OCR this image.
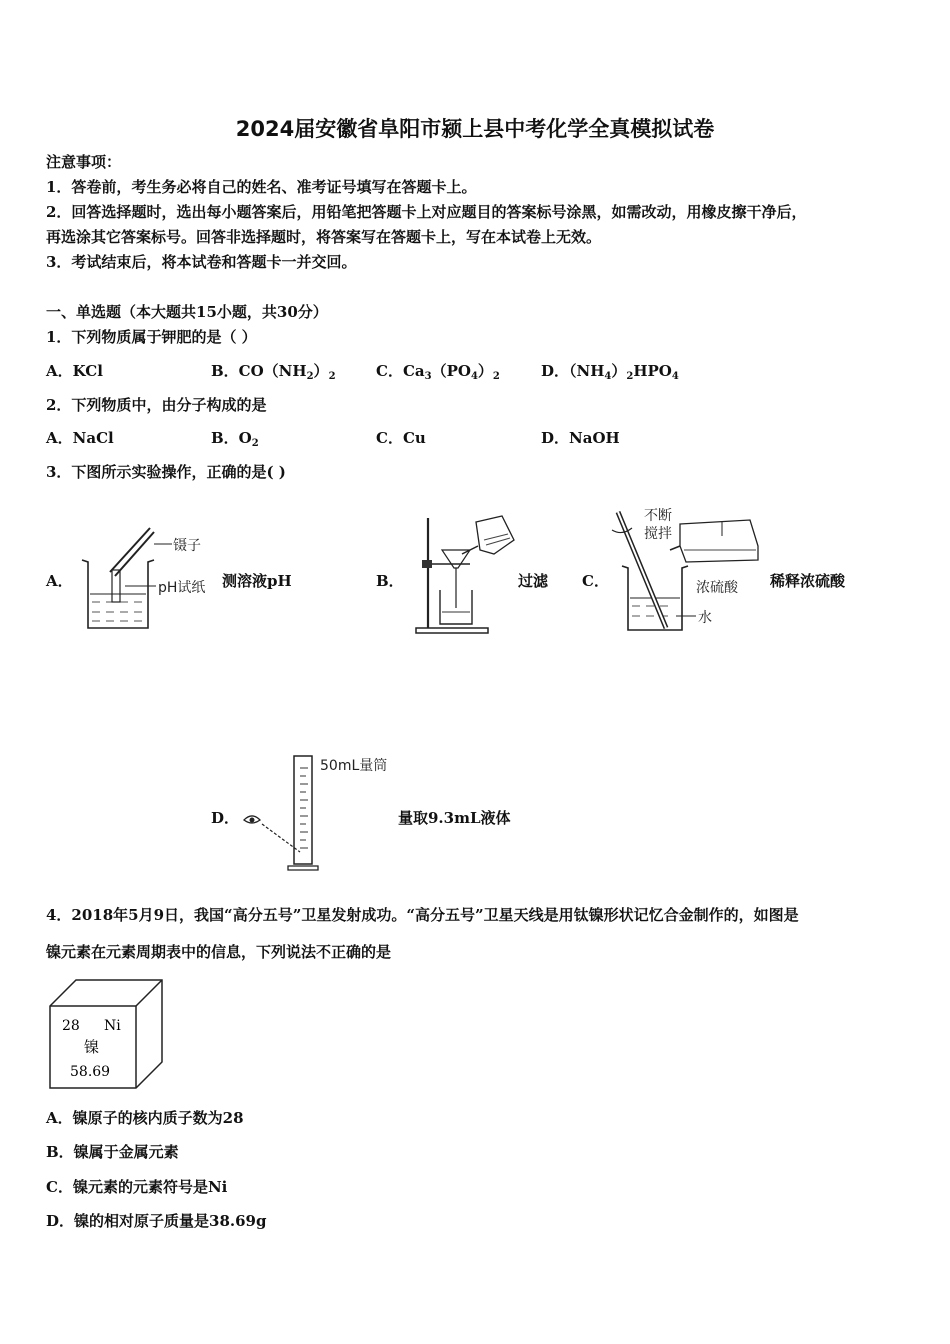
2024届安徽省阜阳市颍上县中考化学全真模拟试卷
注意事项：
1．答卷前，考生务必将自己的姓名、准考证号填写在答题卡上。
2．回答选择题时，选出每小题答案后，用铅笔把答题卡上对应题目的答案标号涂黑，如需改动，用橡皮擦干净后，
再选涂其它答案标号。回答非选择题时，将答案写在答题卡上，写在本试卷上无效。
3．考试结束后，将本试卷和答题卡一并交回。
一、单选题（本大题共15小题，共30分）
1．下列物质属于钾肥的是（ ）
A．KCl	B．$CO(NH_2)_2$	C．$Ca_3(PO_4)_2$	D．$(NH_4)_2HPO_4$
2．下列物质中，由分子构成的是
A．NaCl	B．$O_2$	C．Cu	D．NaOH
3．下图所示实验操作，正确的是( )
A．
镊子
pH试纸 测溶液pH	B．	过滤 C．
不断
搅拌
浓硫酸
水
稀释浓硫酸
D．
50mL量筒
量取9.3mL液体
4．2018年5月9日，我国“高分五号”卫星发射成功。“高分五号”卫星天线是用钛镍形状记忆合金制作的，如图是
镍元素在元素周期表中的信息，下列说法不正确的是
28 Ni
镍
58.69
A．镍原子的核内质子数为28
B．镍属于金属元素
C．镍元素的元素符号是Ni
D．镍的相对原子质量是38.69g
